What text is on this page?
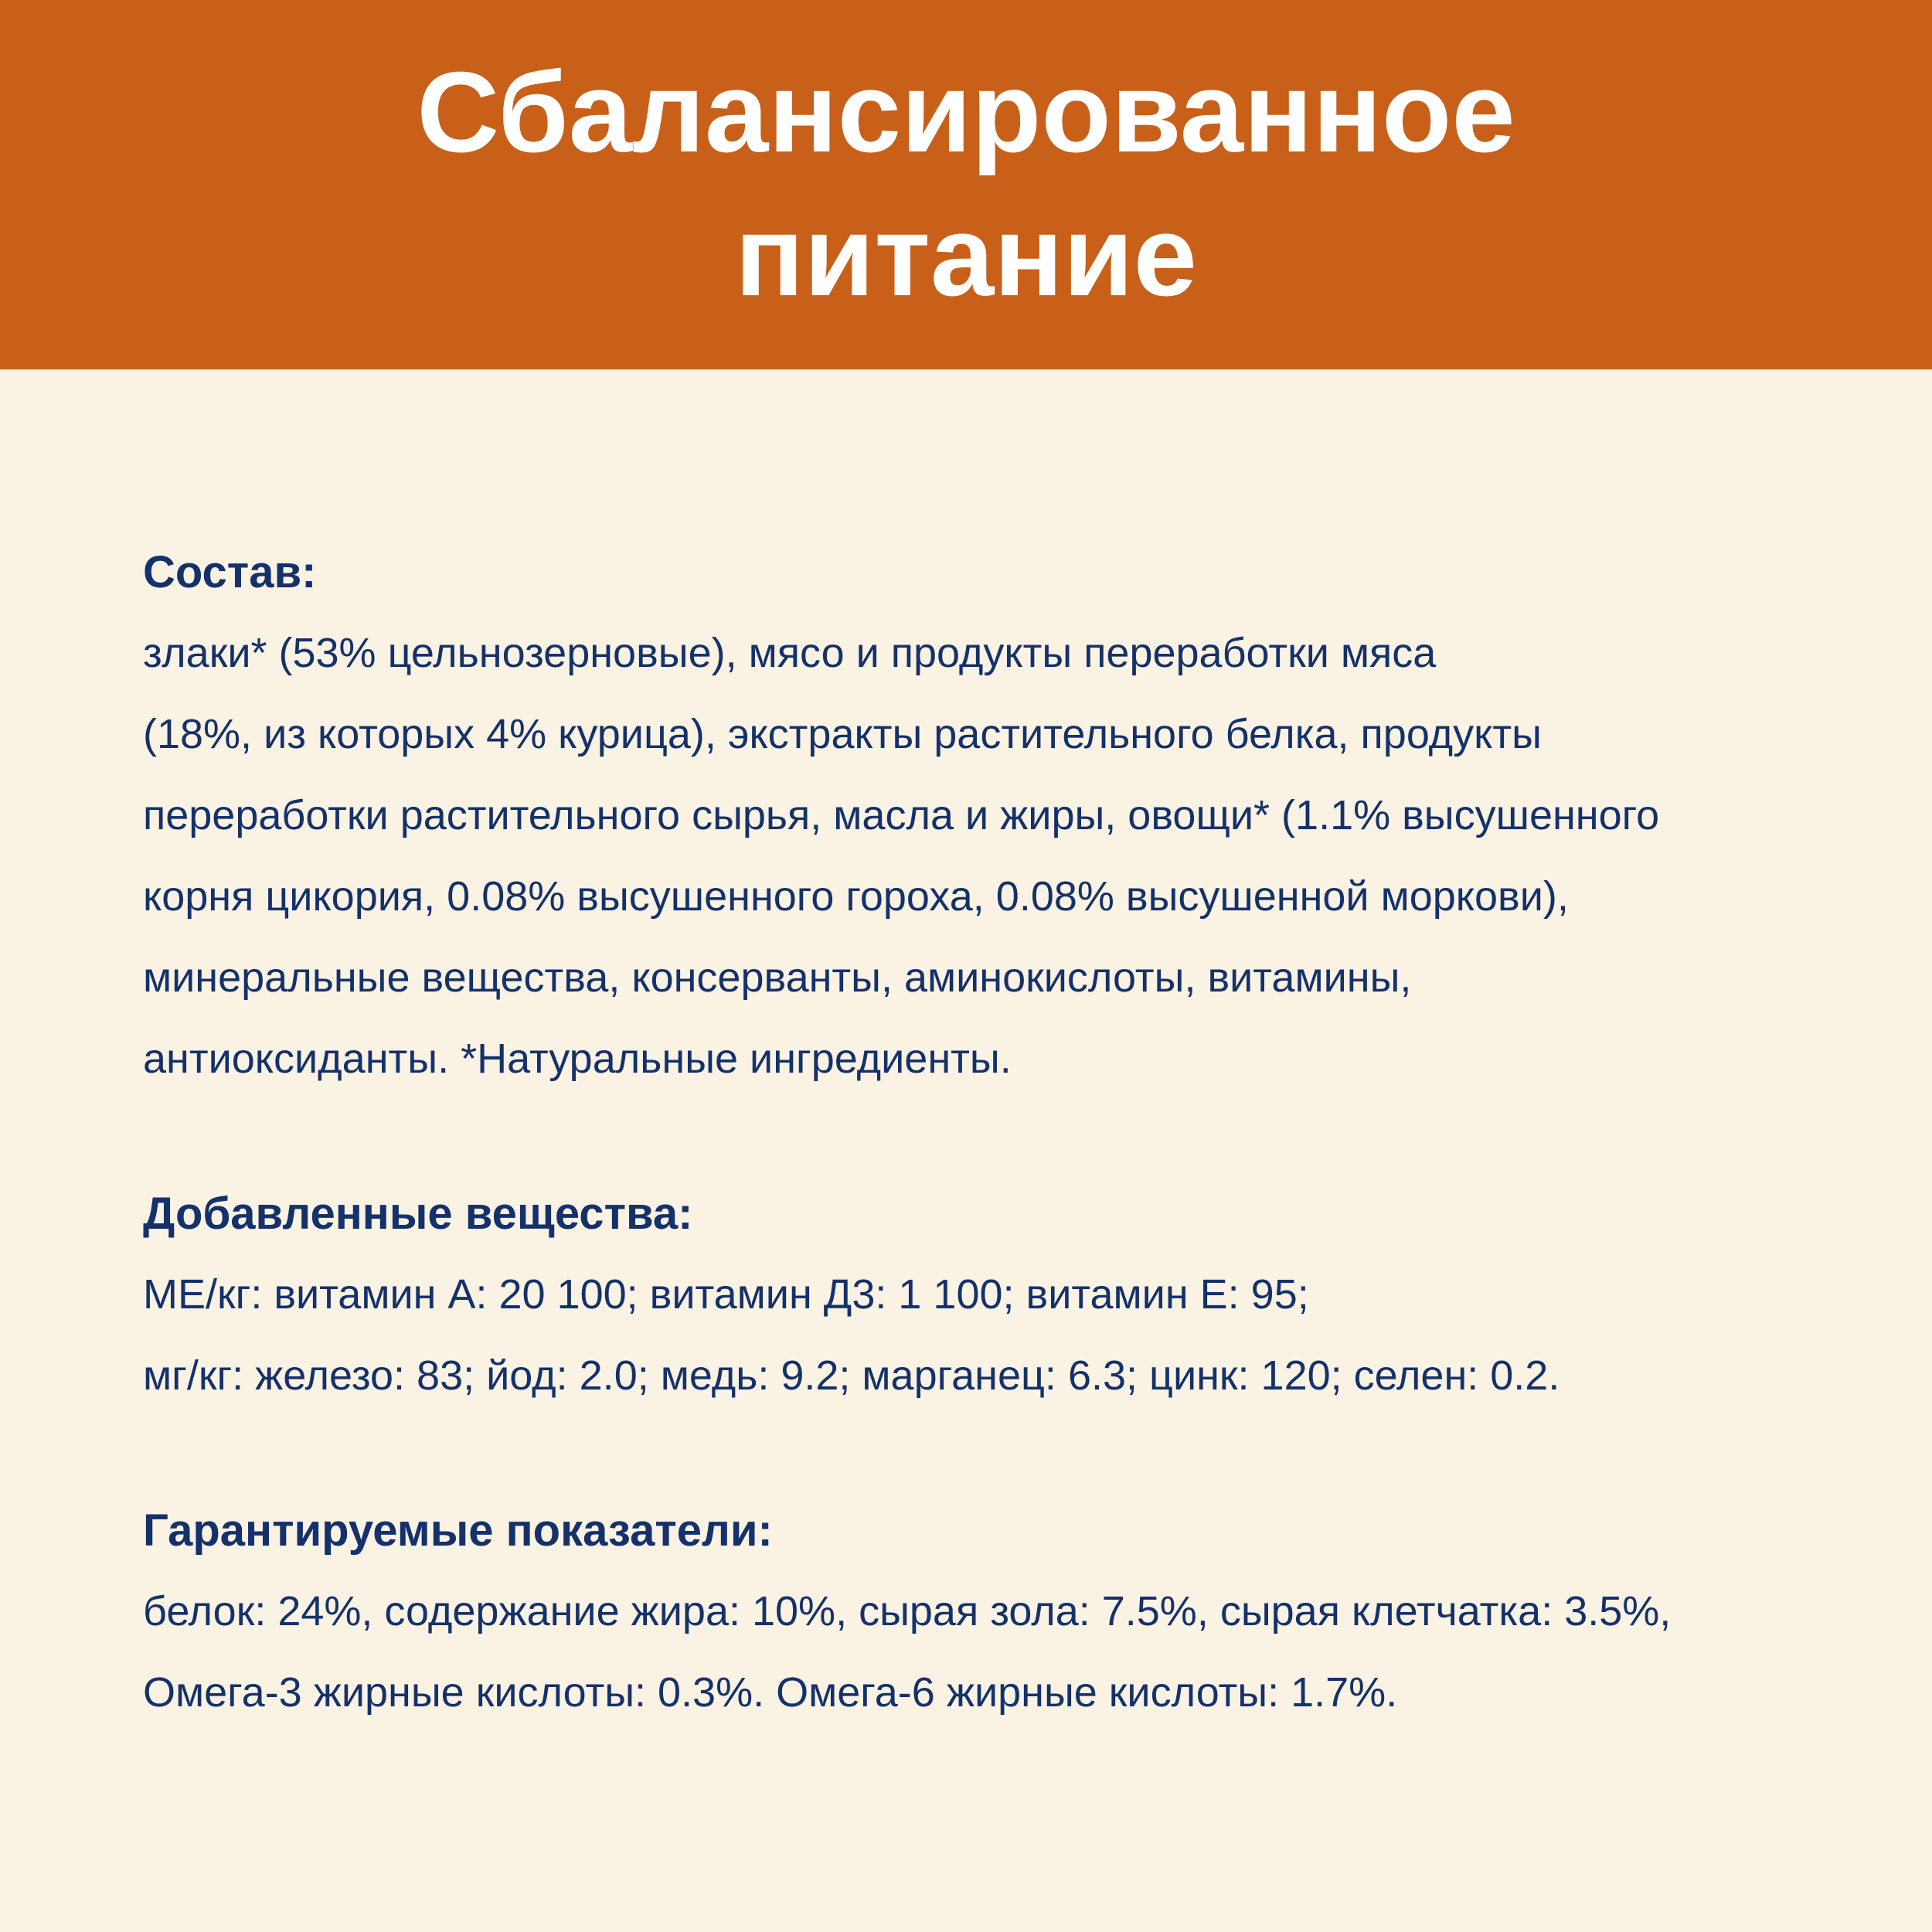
Сбалансированное
питание
Состав:
злаки* (53% цельнозерновые), мясо и продукты переработки мяса
(18%, из которых 4% курица), экстракты растительного белка, продукты
переработки растительного сырья, масла и жиры, овощи* (1.1% высушенного
корня цикория, 0.08% высушенного гороха, 0.08% высушенной моркови),
минеральные вещества, консерванты, аминокислоты, витамины,
антиоксиданты. *Натуральные ингредиенты.
Добавленные вещества:
МЕ/кг: витамин А: 20 100; витамин Д3: 1 100; витамин Е: 95;
мг/кг: железо: 83; йод: 2.0; медь: 9.2; марганец: 6.3; цинк: 120; селен: 0.2.
Гарантируемые показатели:
белок: 24%, содержание жира: 10%, сырая зола: 7.5%, сырая клетчатка: 3.5%,
Омега-3 жирные кислоты: 0.3%. Омега-6 жирные кислоты: 1.7%.
